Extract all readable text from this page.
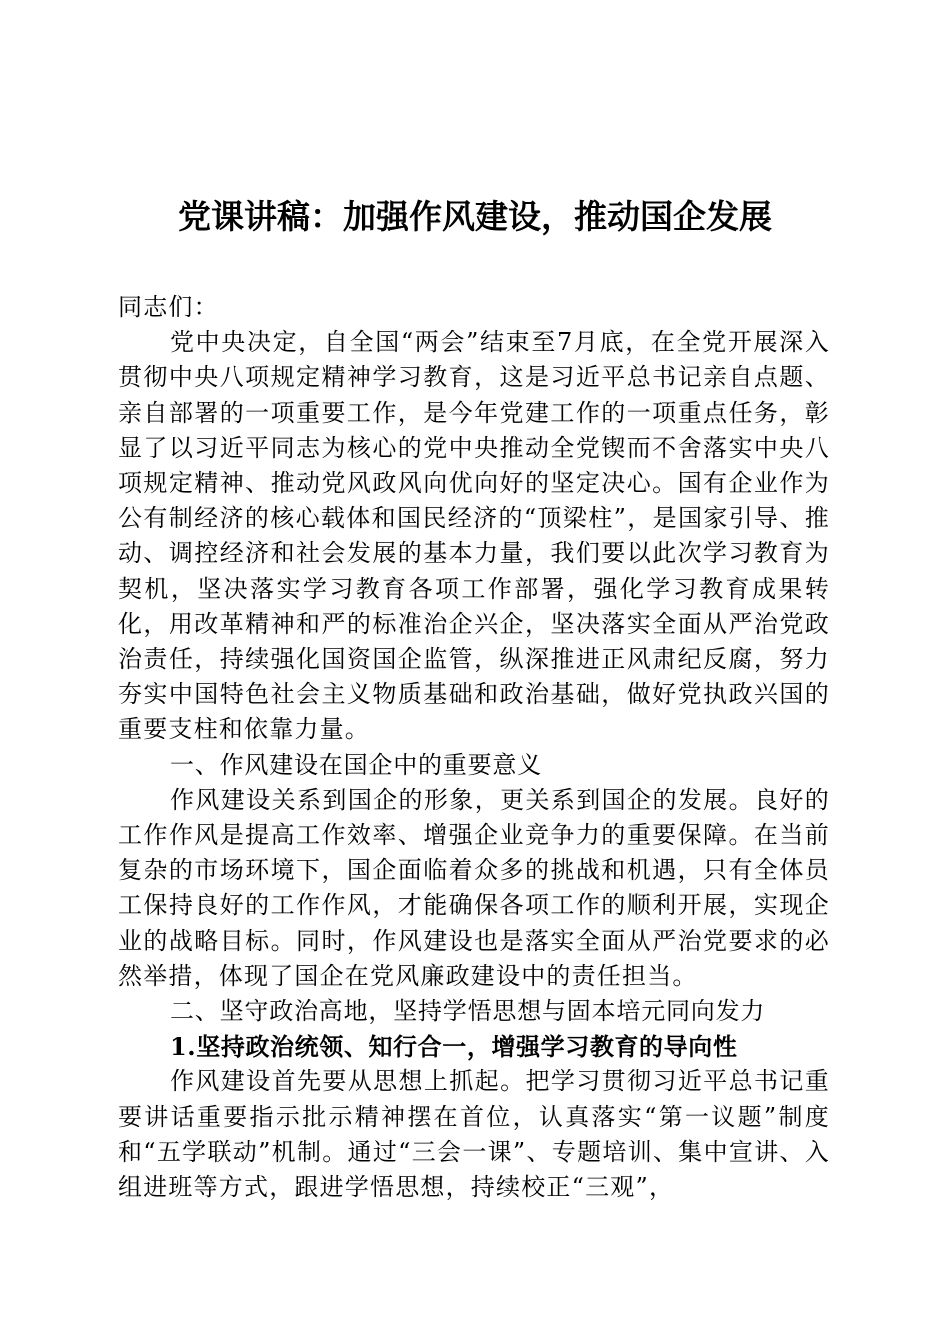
党课讲稿：加强作风建设，推动国企发展

同志们：

党中央决定，自全国“两会”结束至7月底，在全党开展深入贯彻中央八项规定精神学习教育，这是习近平总书记亲自点题、亲自部署的一项重要工作，是今年党建工作的一项重点任务，彰显了以习近平同志为核心的党中央推动全党锲而不舍落实中央八项规定精神、推动党风政风向优向好的坚定决心。国有企业作为公有制经济的核心载体和国民经济的“顶梁柱”，是国家引导、推动、调控经济和社会发展的基本力量，我们要以此次学习教育为契机，坚决落实学习教育各项工作部署，强化学习教育成果转化，用改革精神和严的标准治企兴企，坚决落实全面从严治党政治责任，持续强化国资国企监管，纵深推进正风肃纪反腐，努力夯实中国特色社会主义物质基础和政治基础，做好党执政兴国的重要支柱和依靠力量。

一、作风建设在国企中的重要意义

作风建设关系到国企的形象，更关系到国企的发展。良好的工作作风是提高工作效率、增强企业竞争力的重要保障。在当前复杂的市场环境下，国企面临着众多的挑战和机遇，只有全体员工保持良好的工作作风，才能确保各项工作的顺利开展，实现企业的战略目标。同时，作风建设也是落实全面从严治党要求的必然举措，体现了国企在党风廉政建设中的责任担当。

二、坚守政治高地，坚持学悟思想与固本培元同向发力

1.坚持政治统领、知行合一，增强学习教育的导向性

作风建设首先要从思想上抓起。把学习贯彻习近平总书记重要讲话重要指示批示精神摆在首位，认真落实“第一议题”制度和“五学联动”机制。通过“三会一课”、专题培训、集中宣讲、入组进班等方式，跟进学悟思想，持续校正“三观”，
